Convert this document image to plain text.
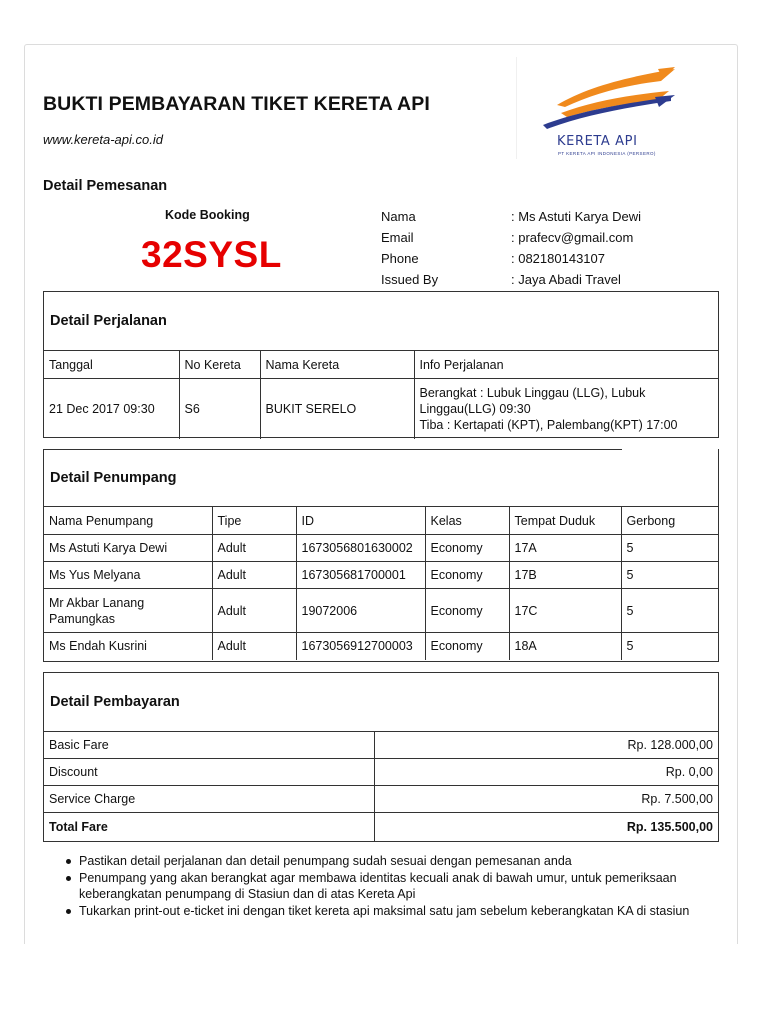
BUKTI PEMBAYARAN TIKET KERETA API
www.kereta-api.co.id	KERETA API
PT KERETA API INDONESIA (PERSERO)
Detail Pemesanan
Kode Booking
32SYSL
Nama	: Ms Astuti Karya Dewi
Email	: prafecv@gmail.com
Phone	: 082180143107
Issued By	: Jaya Abadi Travel
Detail Perjalanan
Tanggal	No Kereta	Nama Kereta	Info Perjalanan
21 Dec 2017 09:30	S6	BUKIT SERELO	Berangkat : Lubuk Linggau (LLG), Lubuk Linggau(LLG) 09:30
Tiba : Kertapati (KPT), Palembang(KPT) 17:00
Detail Penumpang
Nama Penumpang	Tipe	ID	Kelas	Tempat Duduk	Gerbong
Ms Astuti Karya Dewi	Adult	1673056801630002	Economy	17A	5
Ms Yus Melyana	Adult	167305681700001	Economy	17B	5
Mr Akbar Lanang Pamungkas	Adult	19072006	Economy	17C	5
Ms Endah Kusrini	Adult	1673056912700003	Economy	18A	5
Detail Pembayaran
Basic Fare	Rp. 128.000,00
Discount	Rp. 0,00
Service Charge	Rp. 7.500,00
Total Fare	Rp. 135.500,00
Pastikan detail perjalanan dan detail penumpang sudah sesuai dengan pemesanan anda
Penumpang yang akan berangkat agar membawa identitas kecuali anak di bawah umur, untuk pemeriksaan keberangkatan penumpang di Stasiun dan di atas Kereta Api
Tukarkan print-out e-ticket ini dengan tiket kereta api maksimal satu jam sebelum keberangkatan KA di stasiun
